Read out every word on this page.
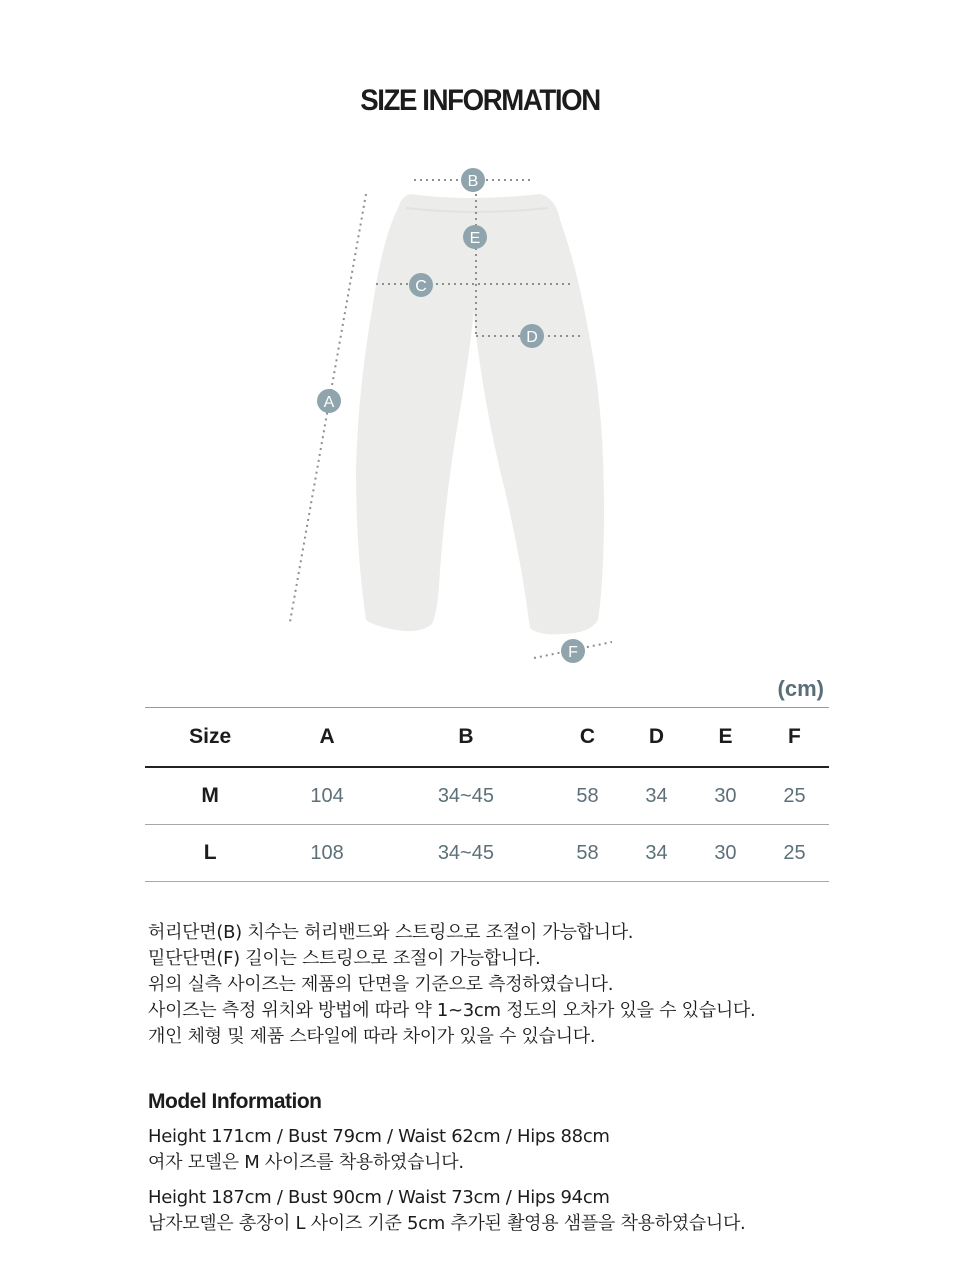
SIZE INFORMATION
A
B
C
D
E
F
(cm)
Size	A	B	C	D	E	F
M	104	34~45	58	34	30	25
L	108	34~45	58	34	30	25
허리단면(B) 치수는 허리밴드와 스트링으로 조절이 가능합니다.
밑단단면(F) 길이는 스트링으로 조절이 가능합니다.
위의 실측 사이즈는 제품의 단면을 기준으로 측정하였습니다.
사이즈는 측정 위치와 방법에 따라 약 1~3cm 정도의 오차가 있을 수 있습니다.
개인 체형 및 제품 스타일에 따라 차이가 있을 수 있습니다.
Model Information
Height 171cm / Bust 79cm / Waist 62cm / Hips 88cm
여자 모델은 M 사이즈를 착용하였습니다.
Height 187cm / Bust 90cm / Waist 73cm / Hips 94cm
남자모델은 총장이 L 사이즈 기준 5cm 추가된 촬영용 샘플을 착용하였습니다.
